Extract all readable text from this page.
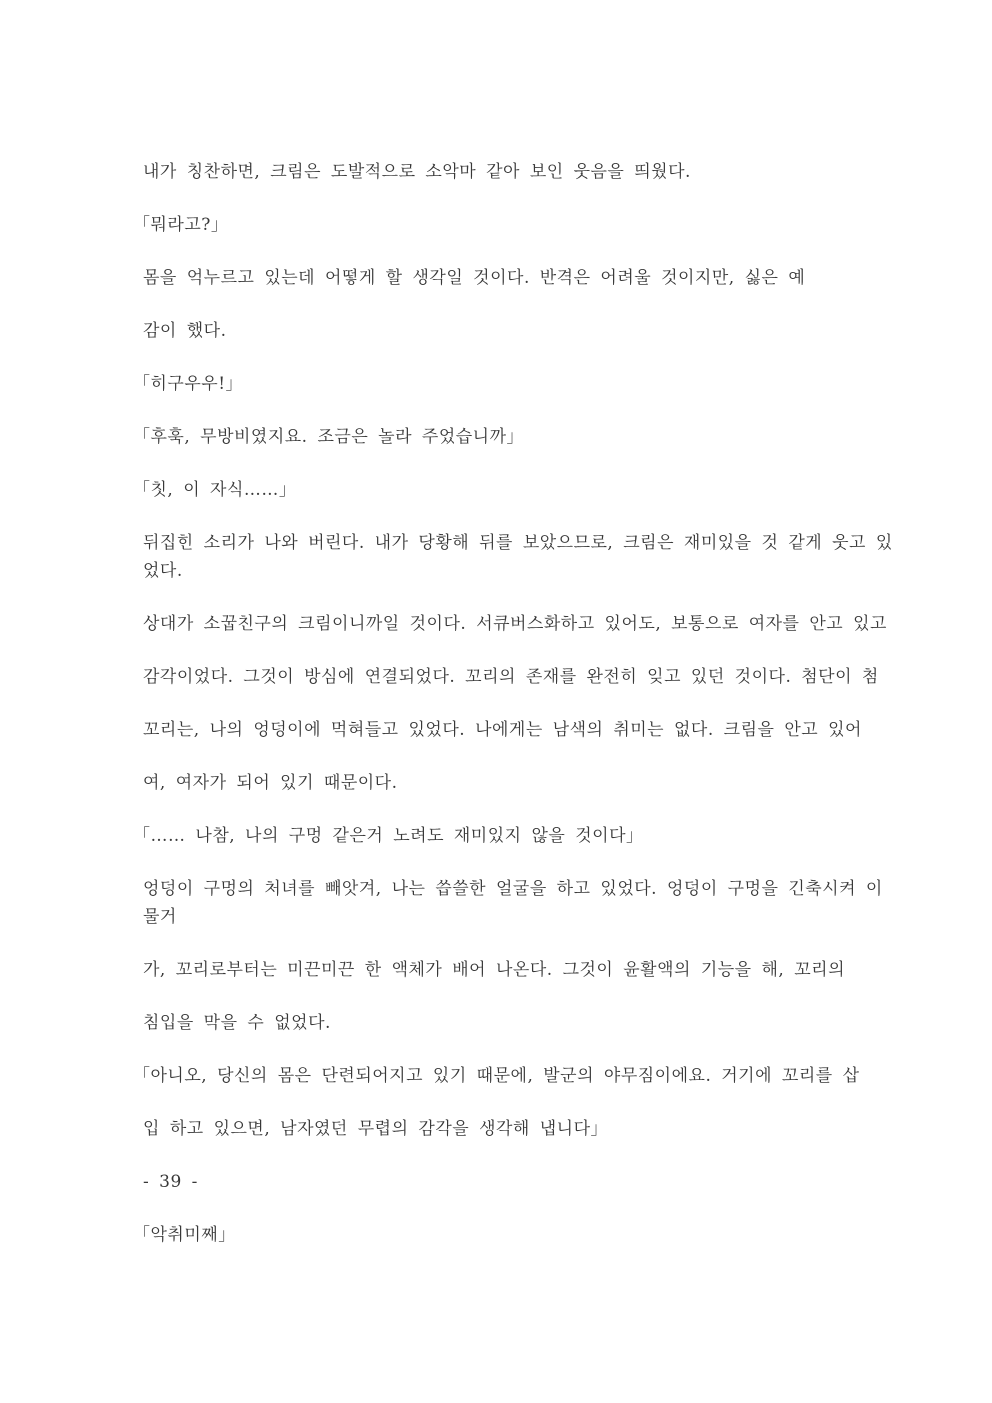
내가 칭찬하면, 크림은 도발적으로 소악마 같아 보인 웃음을 띄웠다.
「뭐라고?」
몸을 억누르고 있는데 어떻게 할 생각일 것이다. 반격은 어려울 것이지만, 싫은 예
감이 했다.
「히구우우!」
「후훅, 무방비였지요. 조금은 놀라 주었습니까」
「칫, 이 자식……」
뒤집힌 소리가 나와 버린다. 내가 당황해 뒤를 보았으므로, 크림은 재미있을 것 같게 웃고 있
었다.
상대가 소꿉친구의 크림이니까일 것이다. 서큐버스화하고 있어도, 보통으로 여자를 안고 있고
감각이었다. 그것이 방심에 연결되었다. 꼬리의 존재를 완전히 잊고 있던 것이다. 첨단이 첨
꼬리는, 나의 엉덩이에 먹혀들고 있었다. 나에게는 남색의 취미는 없다. 크림을 안고 있어
여, 여자가 되어 있기 때문이다.
「…… 나참, 나의 구멍 같은거 노려도 재미있지 않을 것이다」
엉덩이 구멍의 처녀를 빼앗겨, 나는 씁쓸한 얼굴을 하고 있었다. 엉덩이 구멍을 긴축시켜 이
물거
가, 꼬리로부터는 미끈미끈 한 액체가 배어 나온다. 그것이 윤활액의 기능을 해, 꼬리의
침입을 막을 수 없었다.
「아니오, 당신의 몸은 단련되어지고 있기 때문에, 발군의 야무짐이에요. 거기에 꼬리를 삽
입 하고 있으면, 남자였던 무렵의 감각을 생각해 냅니다」
- 39 -
「악취미째」
